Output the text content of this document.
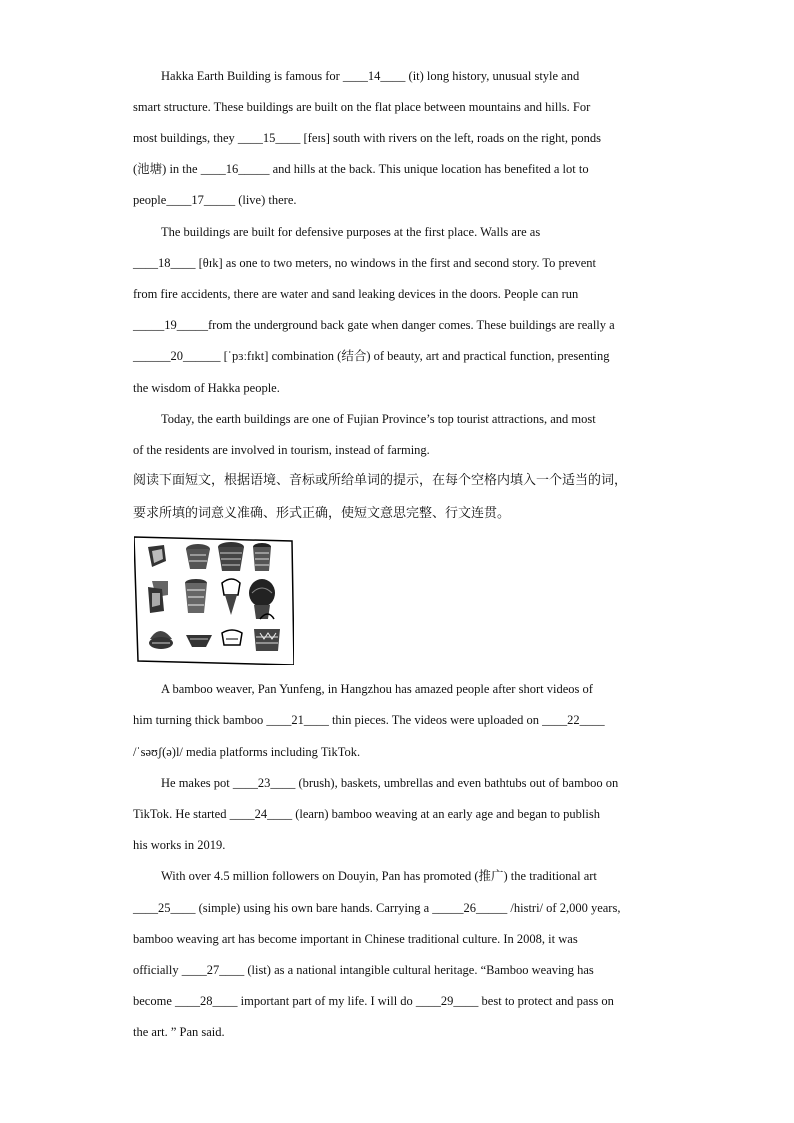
Hakka Earth Building is famous for ____14____ (it) long history, unusual style and
smart structure. These buildings are built on the flat place between mountains and hills. For
most buildings, they ____15____ [feɪs] south with rivers on the left, roads on the right, ponds
(池塘) in the ____16_____ and hills at the back. This unique location has benefited a lot to
people____17_____ (live) there.
The buildings are built for defensive purposes at the first place. Walls are as
____18____ [θɪk] as one to two meters, no windows in the first and second story. To prevent
from fire accidents, there are water and sand leaking devices in the doors. People can run
_____19_____from the underground back gate when danger comes. These buildings are really a
______20______ [ˈpɜːfɪkt] combination (结合) of beauty, art and practical function, presenting
the wisdom of Hakka people.
Today, the earth buildings are one of Fujian Province’s top tourist attractions, and most
of the residents are involved in tourism, instead of farming.
阅读下面短文，根据语境、音标或所给单词的提示，在每个空格内填入一个适当的词，
要求所填的词意义准确、形式正确，使短文意思完整、行文连贯。
A bamboo weaver, Pan Yunfeng, in Hangzhou has amazed people after short videos of
him turning thick bamboo ____21____ thin pieces. The videos were uploaded on ____22____
/ˈsəʊʃ(ə)l/ media platforms including TikTok.
He makes pot ____23____ (brush), baskets, umbrellas and even bathtubs out of bamboo on
TikTok. He started ____24____ (learn) bamboo weaving at an early age and began to publish
his works in 2019.
With over 4.5 million followers on Douyin, Pan has promoted (推广) the traditional art
____25____ (simple) using his own bare hands. Carrying a _____26_____ /histri/ of 2,000 years,
bamboo weaving art has become important in Chinese traditional culture. In 2008, it was
officially ____27____ (list) as a national intangible cultural heritage. “Bamboo weaving has
become ____28____ important part of my life. I will do ____29____ best to protect and pass on
the art. ” Pan said.
